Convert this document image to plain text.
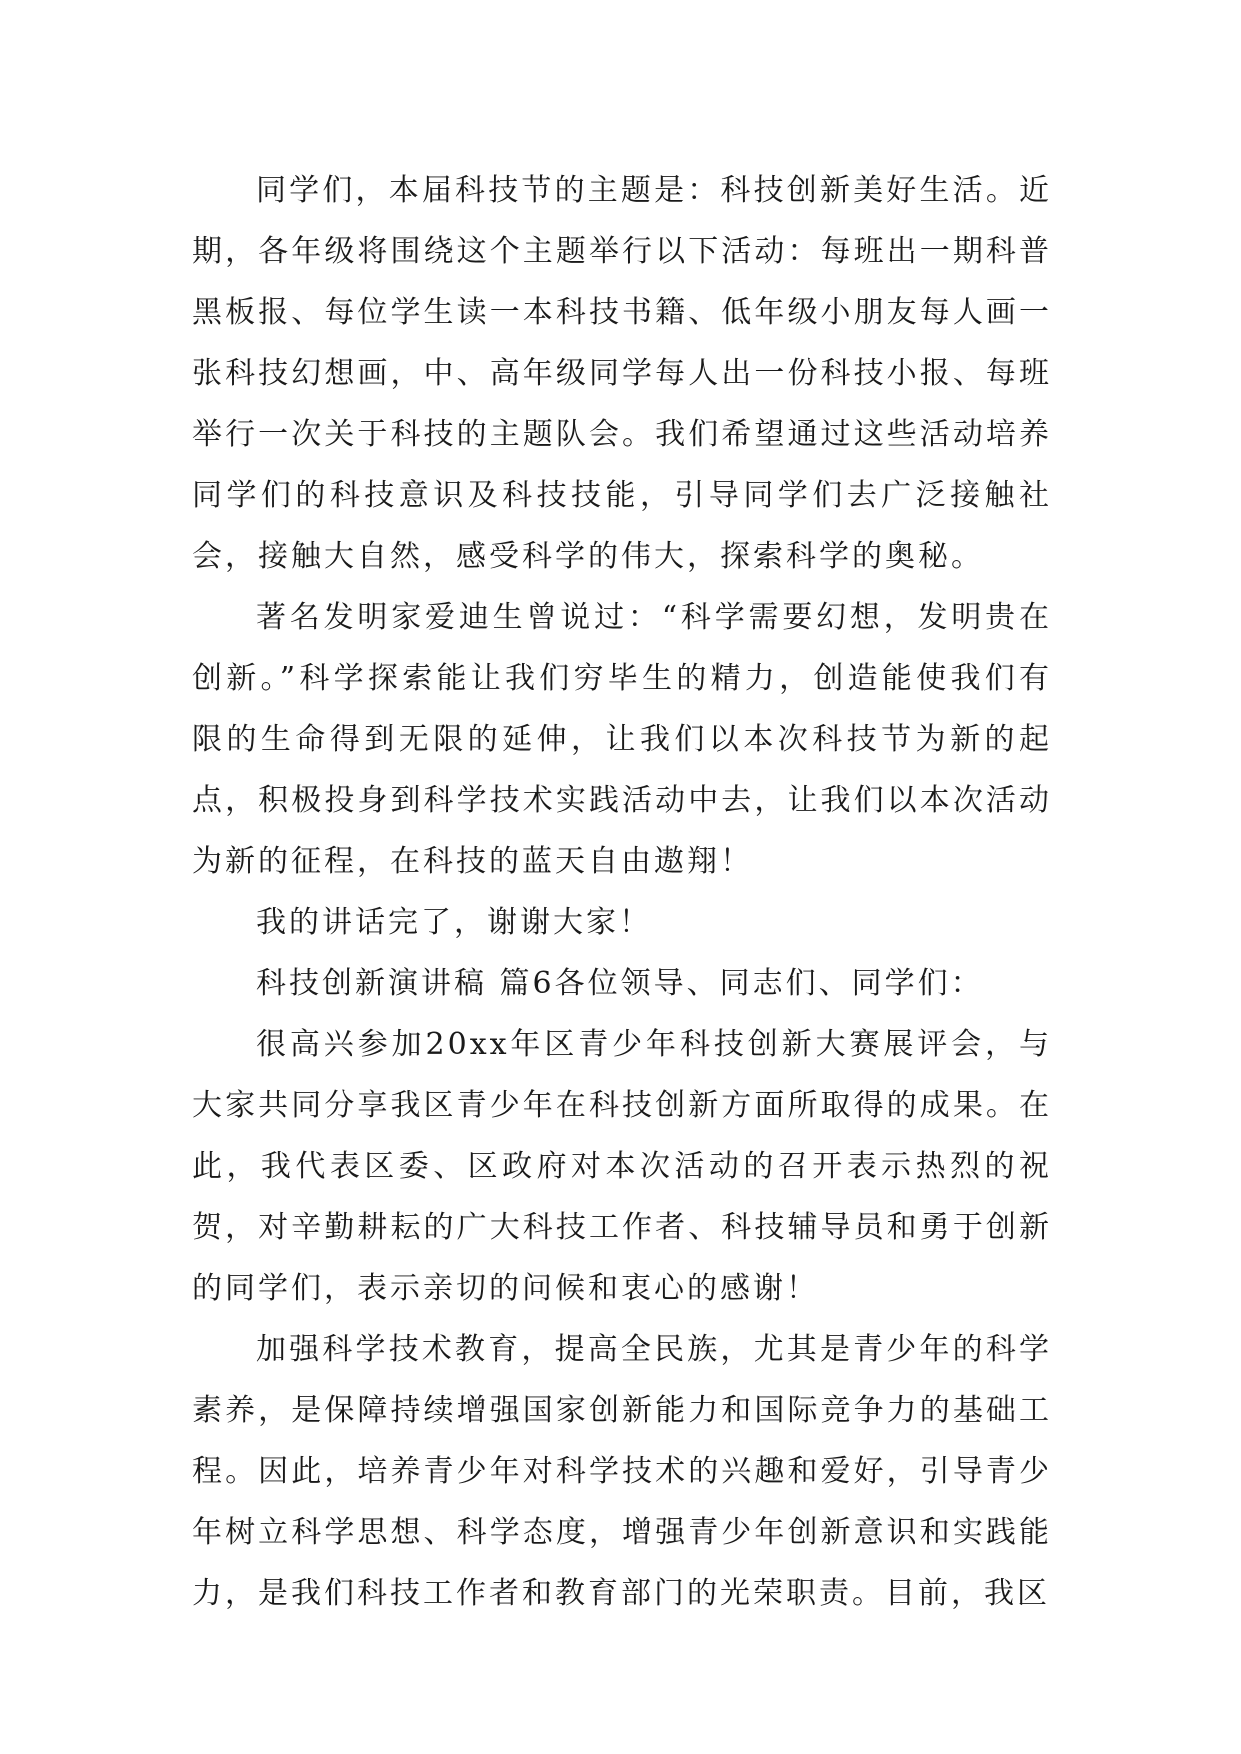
同学们，本届科技节的主题是：科技创新美好生活。近期，各年级将围绕这个主题举行以下活动：每班出一期科普黑板报、每位学生读一本科技书籍、低年级小朋友每人画一张科技幻想画，中、高年级同学每人出一份科技小报、每班举行一次关于科技的主题队会。我们希望通过这些活动培养同学们的科技意识及科技技能，引导同学们去广泛接触社会，接触大自然，感受科学的伟大，探索科学的奥秘。

著名发明家爱迪生曾说过：“科学需要幻想，发明贵在创新。”科学探索能让我们穷毕生的精力，创造能使我们有限的生命得到无限的延伸，让我们以本次科技节为新的起点，积极投身到科学技术实践活动中去，让我们以本次活动为新的征程，在科技的蓝天自由遨翔！

我的讲话完了，谢谢大家！

科技创新演讲稿 篇6各位领导、同志们、同学们：

很高兴参加20xx年区青少年科技创新大赛展评会，与大家共同分享我区青少年在科技创新方面所取得的成果。在此，我代表区委、区政府对本次活动的召开表示热烈的祝贺，对辛勤耕耘的广大科技工作者、科技辅导员和勇于创新的同学们，表示亲切的问候和衷心的感谢！

加强科学技术教育，提高全民族，尤其是青少年的科学素养，是保障持续增强国家创新能力和国际竞争力的基础工程。因此，培养青少年对科学技术的兴趣和爱好，引导青少年树立科学思想、科学态度，增强青少年创新意识和实践能力，是我们科技工作者和教育部门的光荣职责。目前，我区
